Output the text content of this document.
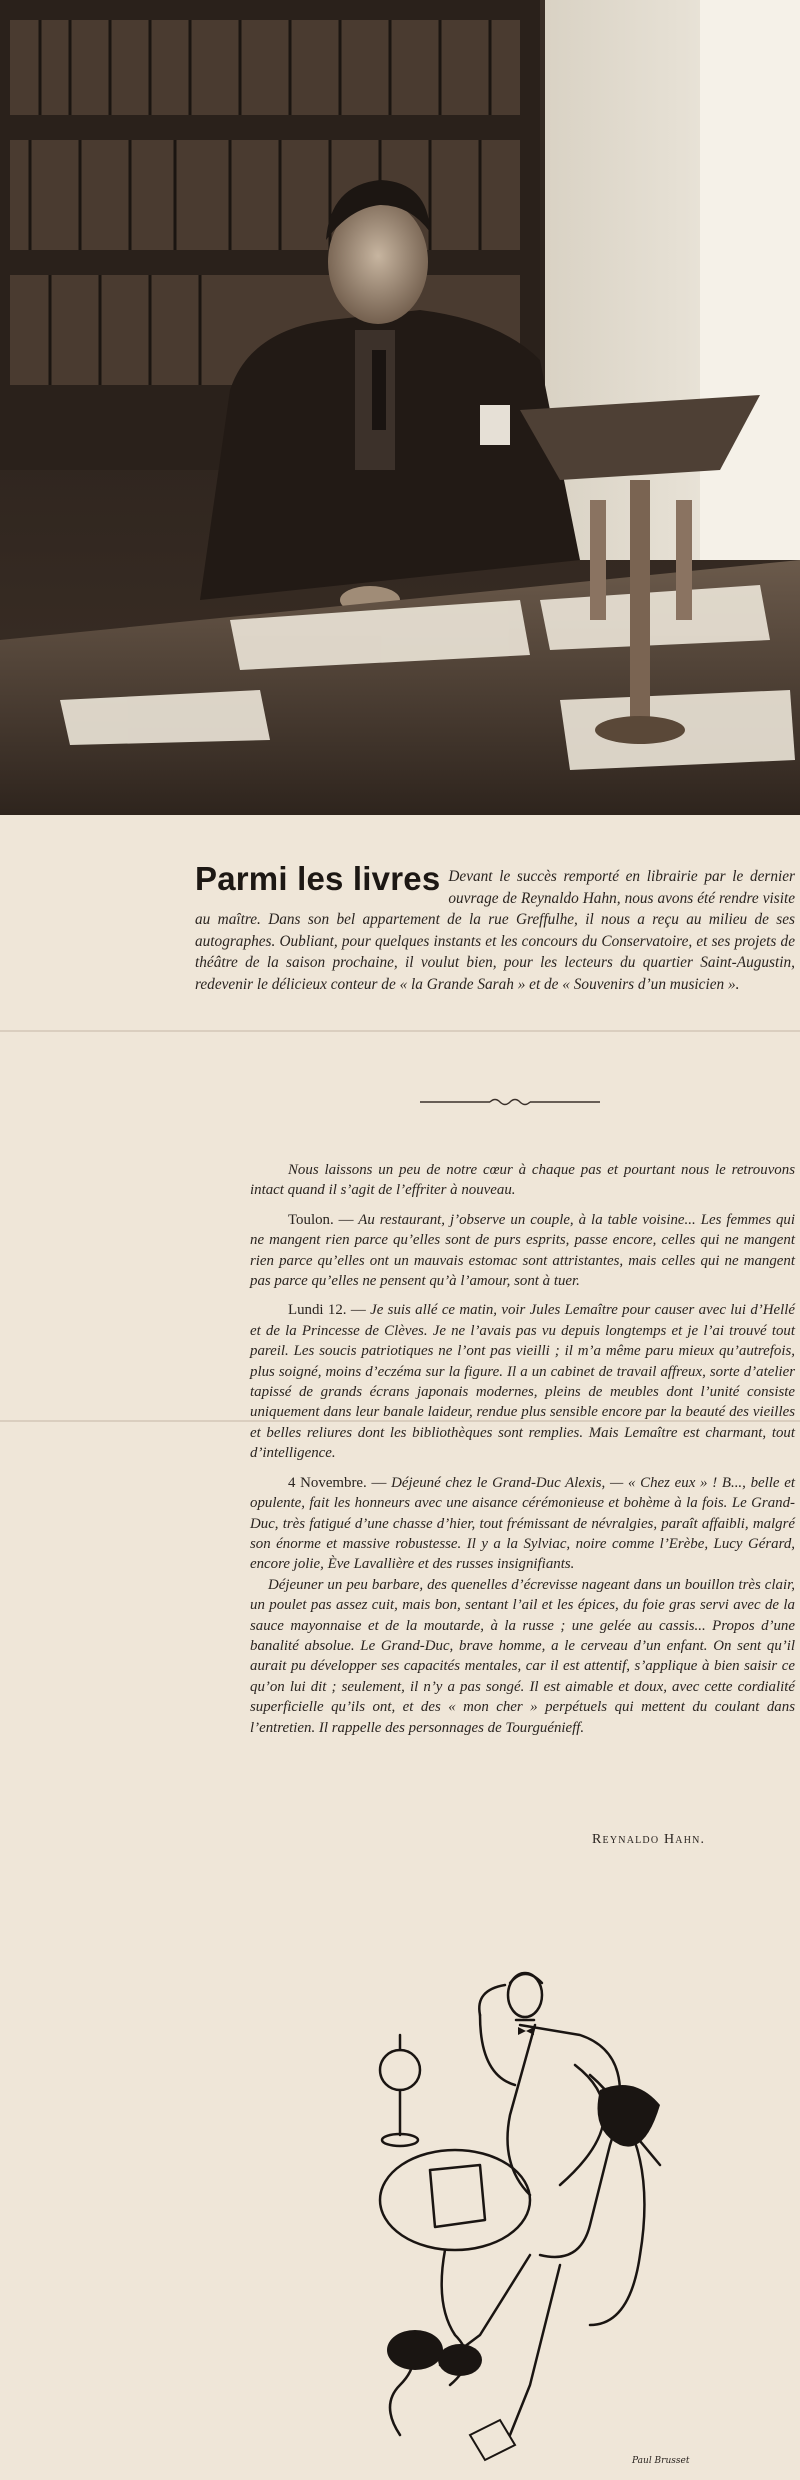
Parmi les livres Devant le succès remporté en librairie par le dernier ouvrage de Reynaldo Hahn, nous avons été rendre visite au maître. Dans son bel appartement de la rue Greffulhe, il nous a reçu au milieu de ses autographes. Oubliant, pour quelques instants et les concours du Conservatoire, et ses projets de théâtre de la saison prochaine, il voulut bien, pour les lecteurs du quartier Saint-Augustin, redevenir le délicieux conteur de « la Grande Sarah » et de « Souvenirs d’un musicien ».

Nous laissons un peu de notre cœur à chaque pas et pourtant nous le retrouvons intact quand il s’agit de l’effriter à nouveau.

Toulon. — Au restaurant, j’observe un couple, à la table voisine... Les femmes qui ne mangent rien parce qu’elles sont de purs esprits, passe encore, celles qui ne mangent rien parce qu’elles ont un mauvais estomac sont attristantes, mais celles qui ne mangent pas parce qu’elles ne pensent qu’à l’amour, sont à tuer.

Lundi 12. — Je suis allé ce matin, voir Jules Lemaître pour causer avec lui d’Hellé et de la Princesse de Clèves. Je ne l’avais pas vu depuis longtemps et je l’ai trouvé tout pareil. Les soucis patriotiques ne l’ont pas vieilli ; il m’a même paru mieux qu’autrefois, plus soigné, moins d’eczéma sur la figure. Il a un cabinet de travail affreux, sorte d’atelier tapissé de grands écrans japonais modernes, pleins de meubles dont l’unité consiste uniquement dans leur banale laideur, rendue plus sensible encore par la beauté des vieilles et belles reliures dont les bibliothèques sont remplies. Mais Lemaître est charmant, tout d’intelligence.

4 Novembre. — Déjeuné chez le Grand-Duc Alexis, — « Chez eux » ! B..., belle et opulente, fait les honneurs avec une aisance cérémonieuse et bohème à la fois. Le Grand-Duc, très fatigué d’une chasse d’hier, tout frémissant de névralgies, paraît affaibli, malgré son énorme et massive robustesse. Il y a la Sylviac, noire comme l’Erèbe, Lucy Gérard, encore jolie, Ève Lavallière et des russes insignifiants.

Déjeuner un peu barbare, des quenelles d’écrevisse nageant dans un bouillon très clair, un poulet pas assez cuit, mais bon, sentant l’ail et les épices, du foie gras servi avec de la sauce mayonnaise et de la moutarde, à la russe ; une gelée au cassis... Propos d’une banalité absolue. Le Grand-Duc, brave homme, a le cerveau d’un enfant. On sent qu’il aurait pu développer ses capacités mentales, car il est attentif, s’applique à bien saisir ce qu’on lui dit ; seulement, il n’y a pas songé. Il est aimable et doux, avec cette cordialité superficielle qu’ils ont, et des « mon cher » perpétuels qui mettent du coulant dans l’entretien. Il rappelle des personnages de Tourguénieff.

Reynaldo Hahn.
Paul Brusset
